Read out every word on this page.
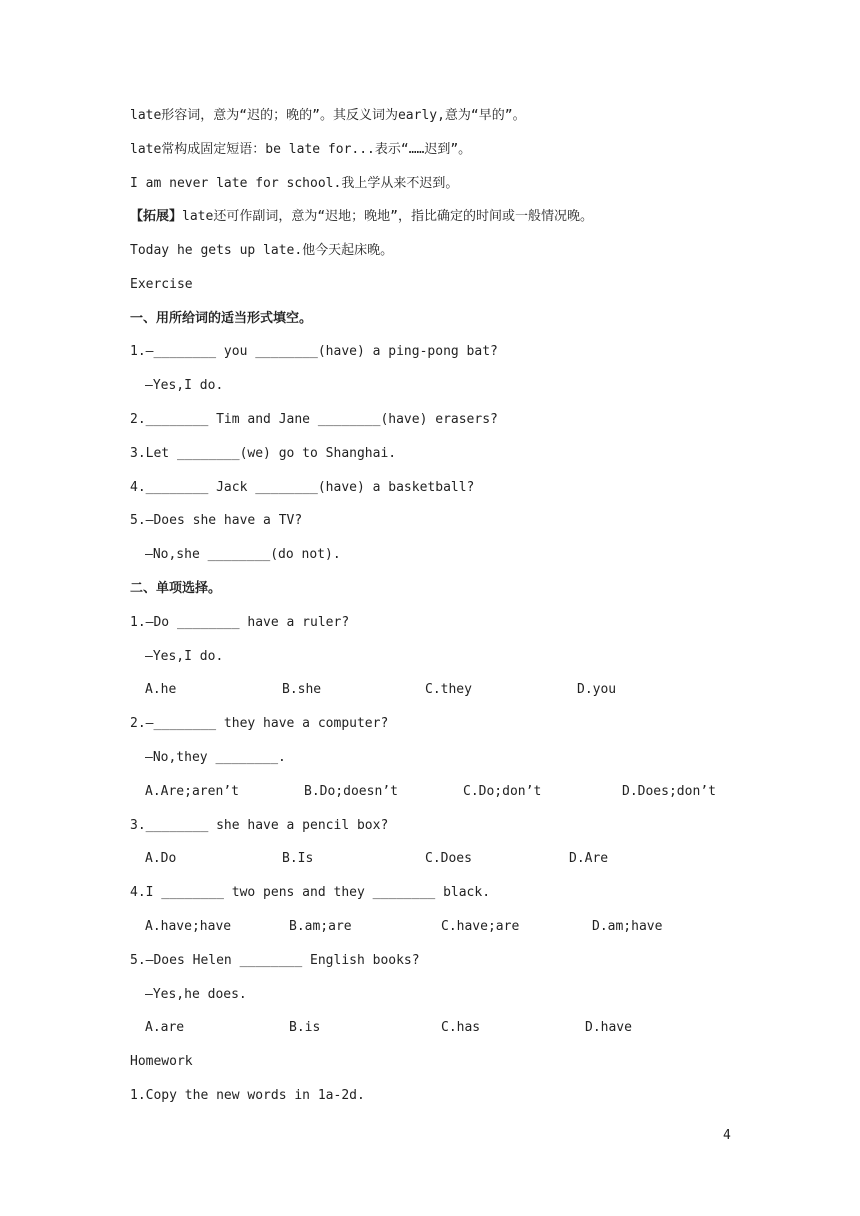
late形容词，意为“迟的；晚的”。其反义词为early,意为“早的”。

late常构成固定短语：be late for...表示“……迟到”。

I am never late for school.我上学从来不迟到。

【拓展】late还可作副词，意为“迟地；晚地”，指比确定的时间或一般情况晚。

Today he gets up late.他今天起床晚。

Exercise

一、用所给词的适当形式填空。

1.—________ you ________(have) a ping-pong bat?

—Yes,I do.

2.________ Tim and Jane ________(have) erasers?

3.Let ________(we) go to Shanghai.

4.________ Jack ________(have) a basketball?

5.—Does she have a TV?

—No,she ________(do not).

二、单项选择。

1.—Do ________ have a ruler?

—Yes,I do.

A.he	B.she	C.they	D.you

2.—________ they have a computer?

—No,they ________.

A.Are;aren’t	B.Do;doesn’t	C.Do;don’t	D.Does;don’t

3.________ she have a pencil box?

A.Do	B.Is	C.Does	D.Are

4.I ________ two pens and they ________ black.

A.have;have	B.am;are	C.have;are	D.am;have

5.—Does Helen ________ English books?

—Yes,he does.

A.are	B.is	C.has	D.have

Homework

1.Copy the new words in 1a-2d.

4
